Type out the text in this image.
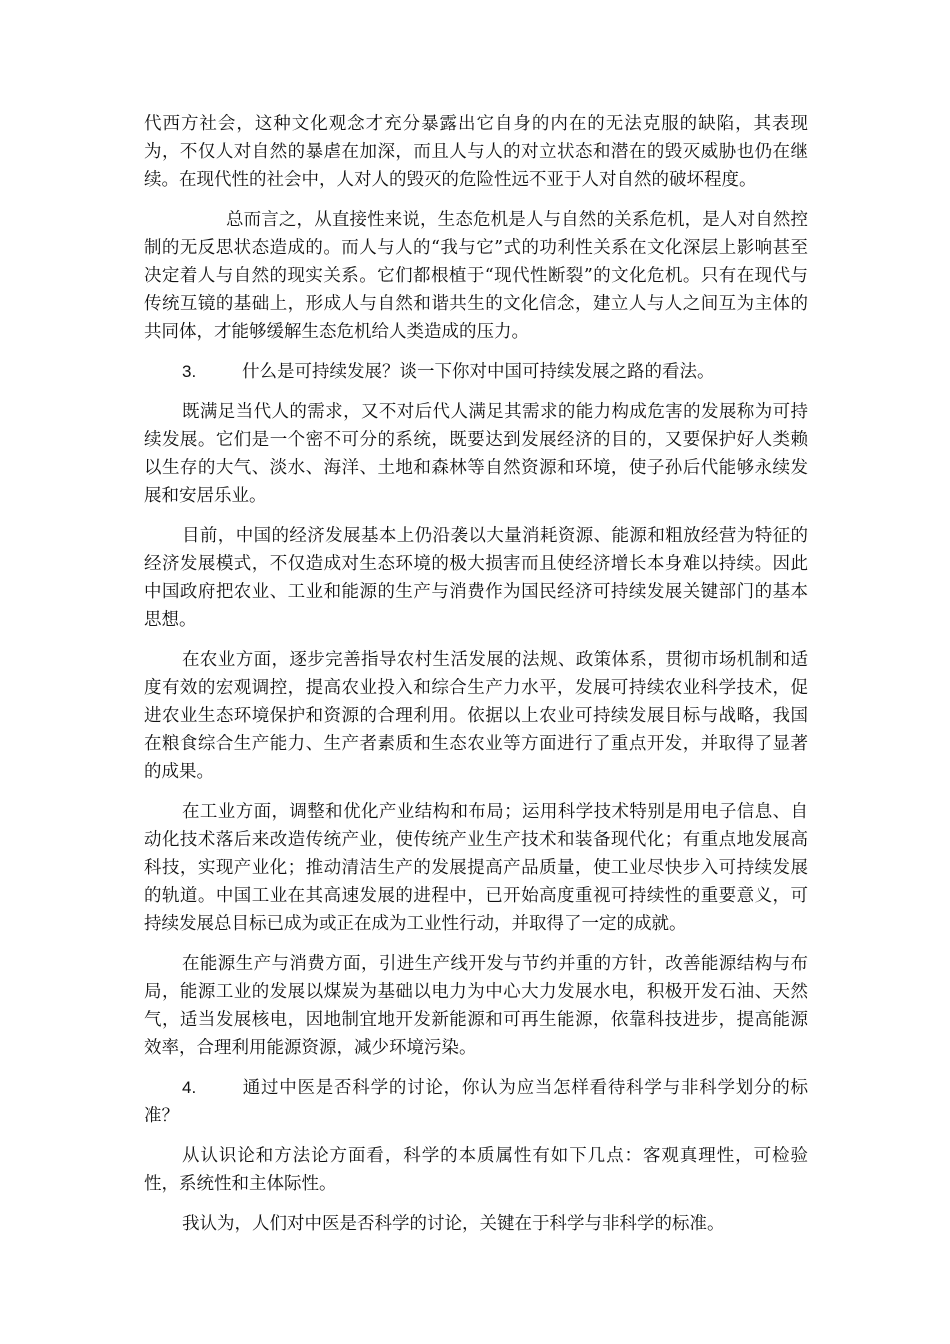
代西方社会，这种文化观念才充分暴露出它自身的内在的无法克服的缺陷，其表现为，不仅人对自然的暴虐在加深，而且人与人的对立状态和潜在的毁灭威胁也仍在继续。在现代性的社会中，人对人的毁灭的危险性远不亚于人对自然的破坏程度。

总而言之，从直接性来说，生态危机是人与自然的关系危机，是人对自然控制的无反思状态造成的。而人与人的“我与它”式的功利性关系在文化深层上影响甚至决定着人与自然的现实关系。它们都根植于“现代性断裂”的文化危机。只有在现代与传统互镜的基础上，形成人与自然和谐共生的文化信念，建立人与人之间互为主体的共同体，才能够缓解生态危机给人类造成的压力。

3.	什么是可持续发展？谈一下你对中国可持续发展之路的看法。

既满足当代人的需求，又不对后代人满足其需求的能力构成危害的发展称为可持续发展。它们是一个密不可分的系统，既要达到发展经济的目的，又要保护好人类赖以生存的大气、淡水、海洋、土地和森林等自然资源和环境，使子孙后代能够永续发展和安居乐业。

目前，中国的经济发展基本上仍沿袭以大量消耗资源、能源和粗放经营为特征的经济发展模式，不仅造成对生态环境的极大损害而且使经济增长本身难以持续。因此中国政府把农业、工业和能源的生产与消费作为国民经济可持续发展关键部门的基本思想。

在农业方面，逐步完善指导农村生活发展的法规、政策体系，贯彻市场机制和适度有效的宏观调控，提高农业投入和综合生产力水平，发展可持续农业科学技术，促进农业生态环境保护和资源的合理利用。依据以上农业可持续发展目标与战略，我国在粮食综合生产能力、生产者素质和生态农业等方面进行了重点开发，并取得了显著的成果。

在工业方面，调整和优化产业结构和布局；运用科学技术特别是用电子信息、自动化技术落后来改造传统产业，使传统产业生产技术和装备现代化；有重点地发展高科技，实现产业化；推动清洁生产的发展提高产品质量，使工业尽快步入可持续发展的轨道。中国工业在其高速发展的进程中，已开始高度重视可持续性的重要意义，可持续发展总目标已成为或正在成为工业性行动，并取得了一定的成就。

在能源生产与消费方面，引进生产线开发与节约并重的方针，改善能源结构与布局，能源工业的发展以煤炭为基础以电力为中心大力发展水电，积极开发石油、天然气，适当发展核电，因地制宜地开发新能源和可再生能源，依靠科技进步，提高能源效率，合理利用能源资源，减少环境污染。

4.	通过中医是否科学的讨论，你认为应当怎样看待科学与非科学划分的标准？

从认识论和方法论方面看，科学的本质属性有如下几点：客观真理性，可检验性，系统性和主体际性。

我认为，人们对中医是否科学的讨论，关键在于科学与非科学的标准。
